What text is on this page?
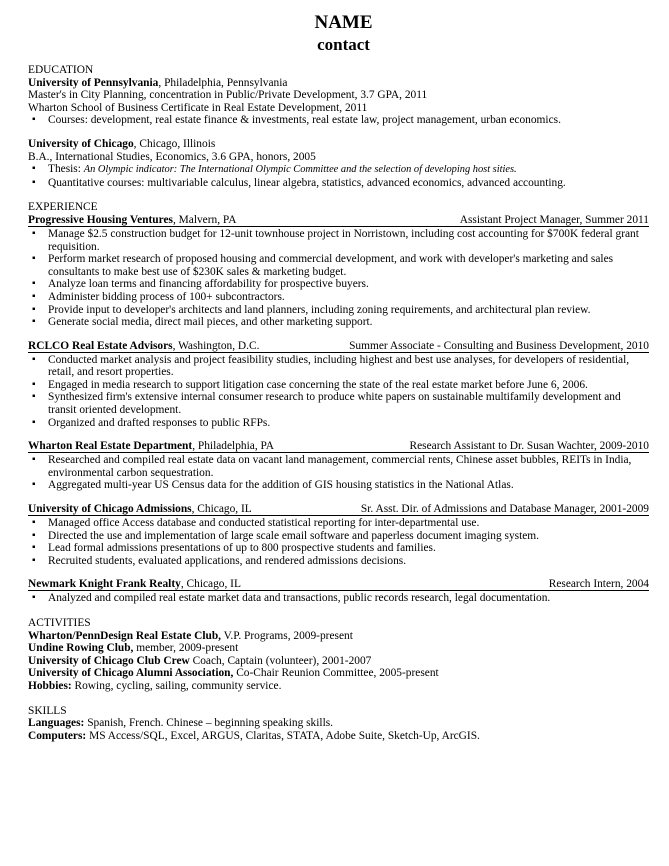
NAME
contact
EDUCATION
University of Pennsylvania, Philadelphia, Pennsylvania
Master's in City Planning, concentration in Public/Private Development, 3.7 GPA, 2011
Wharton School of Business Certificate in Real Estate Development, 2011
▪ Courses: development, real estate finance & investments, real estate law, project management, urban economics.
University of Chicago, Chicago, Illinois
B.A., International Studies, Economics, 3.6 GPA, honors, 2005
▪ Thesis: An Olympic indicator: The International Olympic Committee and the selection of developing host sities.
▪ Quantitative courses: multivariable calculus, linear algebra, statistics, advanced economics, advanced accounting.
EXPERIENCE
Progressive Housing Ventures, Malvern, PA	Assistant Project Manager, Summer 2011
▪ Manage $2.5 construction budget for 12-unit townhouse project in Norristown, including cost accounting for $700K federal grant requisition.
▪ Perform market research of proposed housing and commercial development, and work with developer's marketing and sales consultants to make best use of $230K sales & marketing budget.
▪ Analyze loan terms and financing affordability for prospective buyers.
▪ Administer bidding process of 100+ subcontractors.
▪ Provide input to developer's architects and land planners, including zoning requirements, and architectural plan review.
▪ Generate social media, direct mail pieces, and other marketing support.
RCLCO Real Estate Advisors, Washington, D.C.	Summer Associate - Consulting and Business Development, 2010
▪ Conducted market analysis and project feasibility studies, including highest and best use analyses, for developers of residential, retail, and resort properties.
▪ Engaged in media research to support litigation case concerning the state of the real estate market before June 6, 2006.
▪ Synthesized firm's extensive internal consumer research to produce white papers on sustainable multifamily development and transit oriented development.
▪ Organized and drafted responses to public RFPs.
Wharton Real Estate Department, Philadelphia, PA	Research Assistant to Dr. Susan Wachter, 2009-2010
▪ Researched and compiled real estate data on vacant land management, commercial rents, Chinese asset bubbles, REITs in India, environmental carbon sequestration.
▪ Aggregated multi-year US Census data for the addition of GIS housing statistics in the National Atlas.
University of Chicago Admissions, Chicago, IL	Sr. Asst. Dir. of Admissions and Database Manager, 2001-2009
▪ Managed office Access database and conducted statistical reporting for inter-departmental use.
▪ Directed the use and implementation of large scale email software and paperless document imaging system.
▪ Lead formal admissions presentations of up to 800 prospective students and families.
▪ Recruited students, evaluated applications, and rendered admissions decisions.
Newmark Knight Frank Realty, Chicago, IL	Research Intern, 2004
▪ Analyzed and compiled real estate market data and transactions, public records research, legal documentation.
ACTIVITIES
Wharton/PennDesign Real Estate Club, V.P. Programs, 2009-present
Undine Rowing Club, member, 2009-present
University of Chicago Club Crew Coach, Captain (volunteer), 2001-2007
University of Chicago Alumni Association, Co-Chair Reunion Committee, 2005-present
Hobbies: Rowing, cycling, sailing, community service.
SKILLS
Languages: Spanish, French. Chinese – beginning speaking skills.
Computers: MS Access/SQL, Excel, ARGUS, Claritas, STATA, Adobe Suite, Sketch-Up, ArcGIS.
